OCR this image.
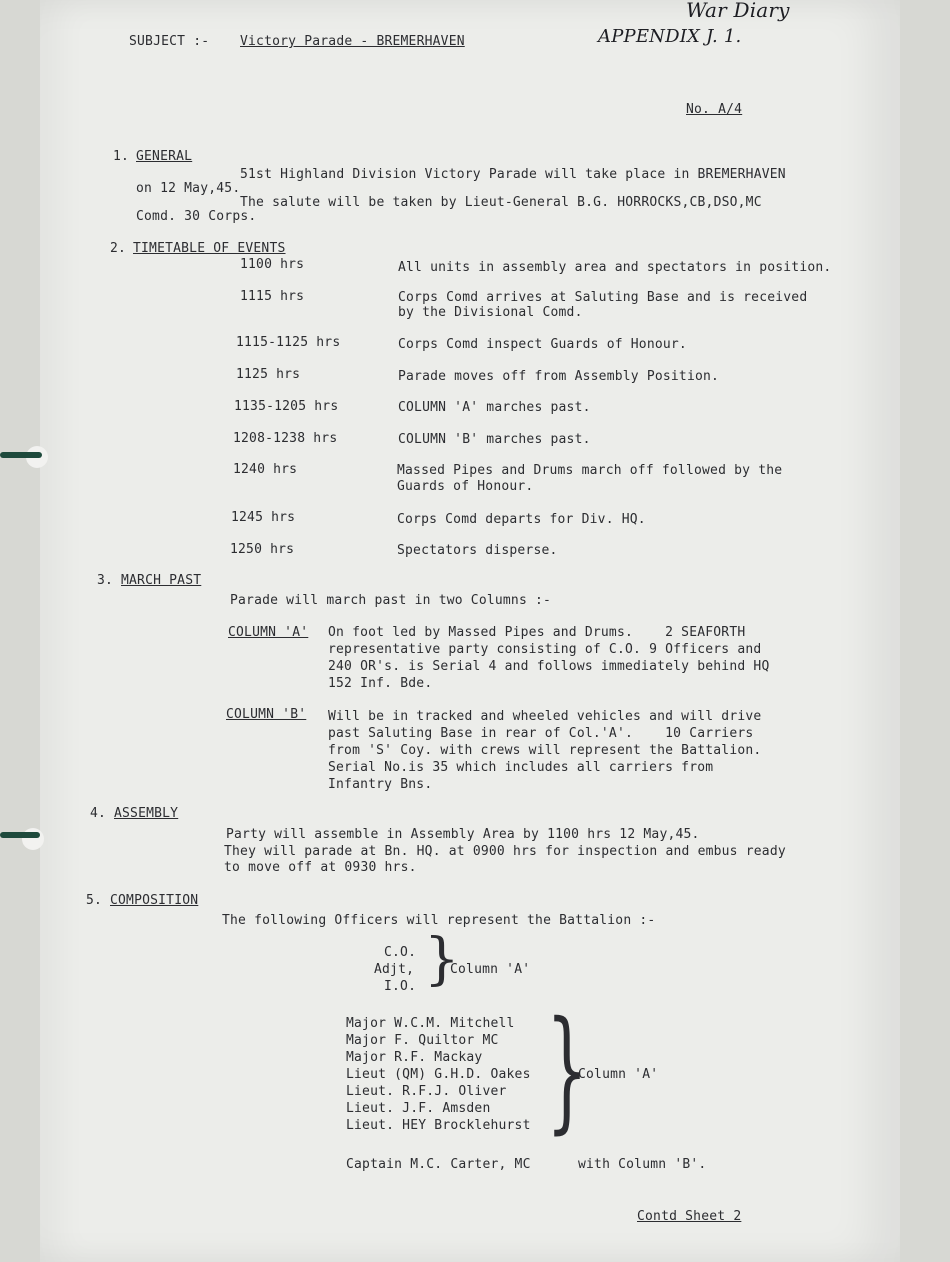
SUBJECT :- Victory Parade - BREMERHAVEN
War Diary
APPENDIX J. 1.
No. A/4
1. GENERAL
51st Highland Division Victory Parade will take place in BREMERHAVEN
on 12 May,45.
The salute will be taken by Lieut-General B.G. HORROCKS,CB,DSO,MC
Comd. 30 Corps.
2. TIMETABLE OF EVENTS
1100 hrs	All units in assembly area and spectators in position.
1115 hrs	Corps Comd arrives at Saluting Base and is received
by the Divisional Comd.
1115-1125 hrs	Corps Comd inspect Guards of Honour.
1125 hrs	Parade moves off from Assembly Position.
1135-1205 hrs	COLUMN 'A' marches past.
1208-1238 hrs	COLUMN 'B' marches past.
1240 hrs	Massed Pipes and Drums march off followed by the
Guards of Honour.
1245 hrs	Corps Comd departs for Div. HQ.
1250 hrs	Spectators disperse.
3. MARCH PAST
Parade will march past in two Columns :-
COLUMN 'A' On foot led by Massed Pipes and Drums.    2 SEAFORTH
representative party consisting of C.O. 9 Officers and
240 OR's. is Serial 4 and follows immediately behind HQ
152 Inf. Bde.
COLUMN 'B' Will be in tracked and wheeled vehicles and will drive
past Saluting Base in rear of Col.'A'.    10 Carriers
from 'S' Coy. with crews will represent the Battalion.
Serial No.is 35 which includes all carriers from
Infantry Bns.
4. ASSEMBLY
Party will assemble in Assembly Area by 1100 hrs 12 May,45.
They will parade at Bn. HQ. at 0900 hrs for inspection and embus ready
to move off at 0930 hrs.
5. COMPOSITION
The following Officers will represent the Battalion :-
C.O.
Adjt,
I.O. }
Column 'A'
Major W.C.M. Mitchell
Major F. Quiltor MC
Major R.F. Mackay
Lieut (QM) G.H.D. Oakes
Lieut. R.F.J. Oliver
Lieut. J.F. Amsden
Lieut. HEY Brocklehurst }
Column 'A'
Captain M.C. Carter, MC	with Column 'B'.
Contd Sheet 2
